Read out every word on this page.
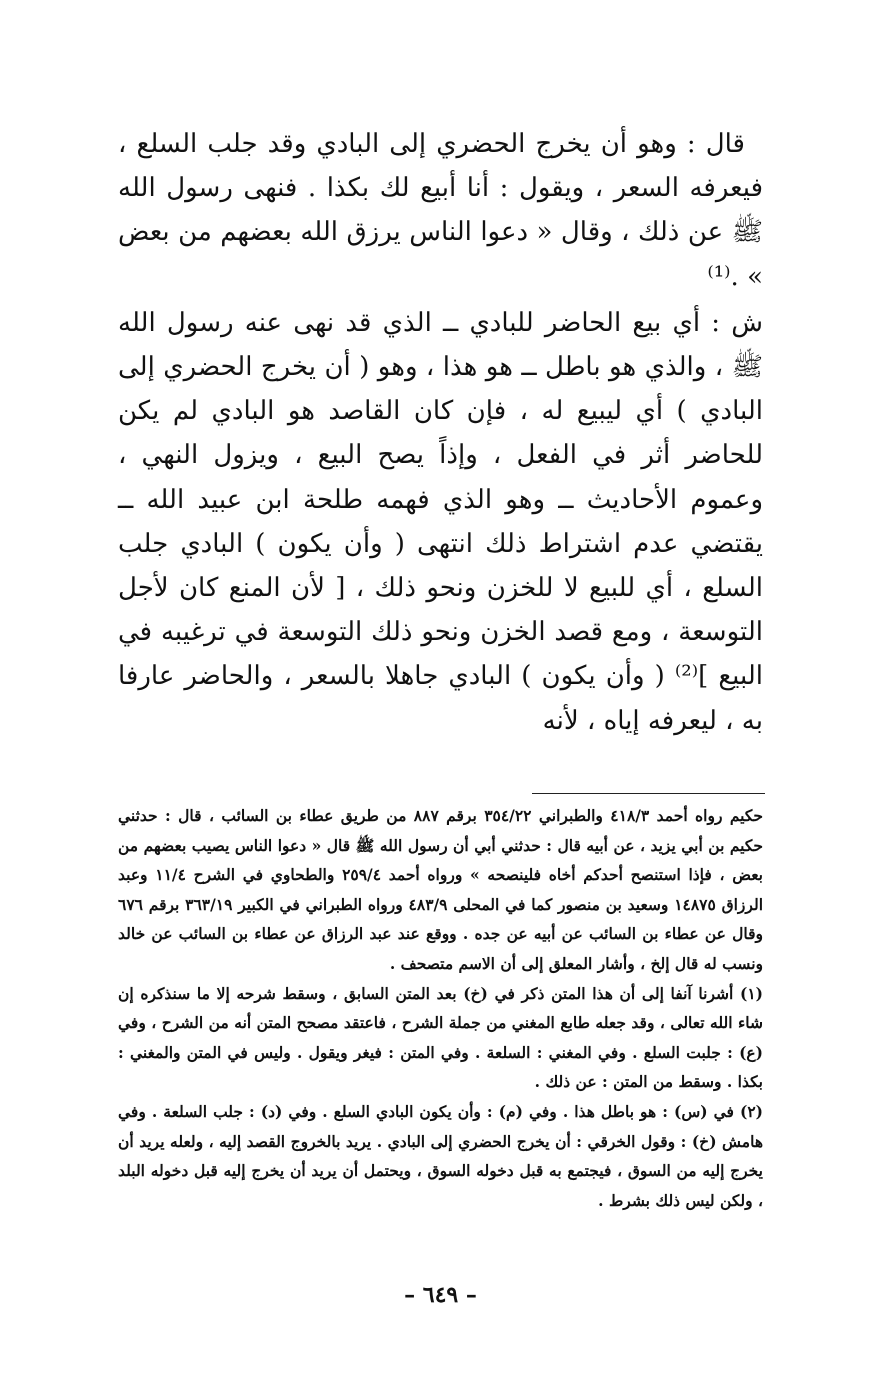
قال : وهو أن يخرج الحضري إلى البادي وقد جلب السلع ، فيعرفه السعر ، ويقول : أنا أبيع لك بكذا . فنهى رسول الله ﷺ عن ذلك ، وقال « دعوا الناس يرزق الله بعضهم من بعض » .⁽¹⁾

ش : أي بيع الحاضر للبادي ــ الذي قد نهى عنه رسول الله ﷺ ، والذي هو باطل ــ هو هذا ، وهو ( أن يخرج الحضري إلى البادي ) أي ليبيع له ، فإن كان القاصد هو البادي لم يكن للحاضر أثر في الفعل ، وإذاً يصح البيع ، ويزول النهي ، وعموم الأحاديث ــ وهو الذي فهمه طلحة ابن عبيد الله ــ يقتضي عدم اشتراط ذلك انتهى ( وأن يكون ) البادي جلب السلع ، أي للبيع لا للخزن ونحو ذلك ، [ لأن المنع كان لأجل التوسعة ، ومع قصد الخزن ونحو ذلك التوسعة في ترغيبه في البيع ]⁽²⁾ ( وأن يكون ) البادي جاهلا بالسعر ، والحاضر عارفا به ، ليعرفه إياه ، لأنه

حكيم رواه أحمد ٤١٨/٣ والطبراني ٣٥٤/٢٢ برقم ٨٨٧ من طريق عطاء بن السائب ، قال : حدثني حكيم بن أبي يزيد ، عن أبيه قال : حدثني أبي أن رسول الله ﷺ قال « دعوا الناس يصيب بعضهم من بعض ، فإذا استنصح أحدكم أخاه فلينصحه » ورواه أحمد ٢٥٩/٤ والطحاوي في الشرح ١١/٤ وعبد الرزاق ١٤٨٧٥ وسعيد بن منصور كما في المحلى ٤٨٣/٩ ورواه الطبراني في الكبير ٣٦٣/١٩ برقم ٦٧٦ وقال عن عطاء بن السائب عن أبيه عن جده . ووقع عند عبد الرزاق عن عطاء بن السائب عن خالد ونسب له قال إلخ ، وأشار المعلق إلى أن الاسم متصحف .

(١) أشرنا آنفا إلى أن هذا المتن ذكر في (خ) بعد المتن السابق ، وسقط شرحه إلا ما سنذكره إن شاء الله تعالى ، وقد جعله طابع المغني من جملة الشرح ، فاعتقد مصحح المتن أنه من الشرح ، وفي (ع) : جلبت السلع . وفي المغني : السلعة . وفي المتن : فيغر ويقول . وليس في المتن والمغني : بكذا . وسقط من المتن : عن ذلك .

(٢) في (س) : هو باطل هذا . وفي (م) : وأن يكون البادي السلع . وفي (د) : جلب السلعة . وفي هامش (خ) : وقول الخرقي : أن يخرج الحضري إلى البادي . يريد بالخروج القصد إليه ، ولعله يريد أن يخرج إليه من السوق ، فيجتمع به قبل دخوله السوق ، ويحتمل أن يريد أن يخرج إليه قبل دخوله البلد ، ولكن ليس ذلك بشرط .

– ٦٤٩ –
